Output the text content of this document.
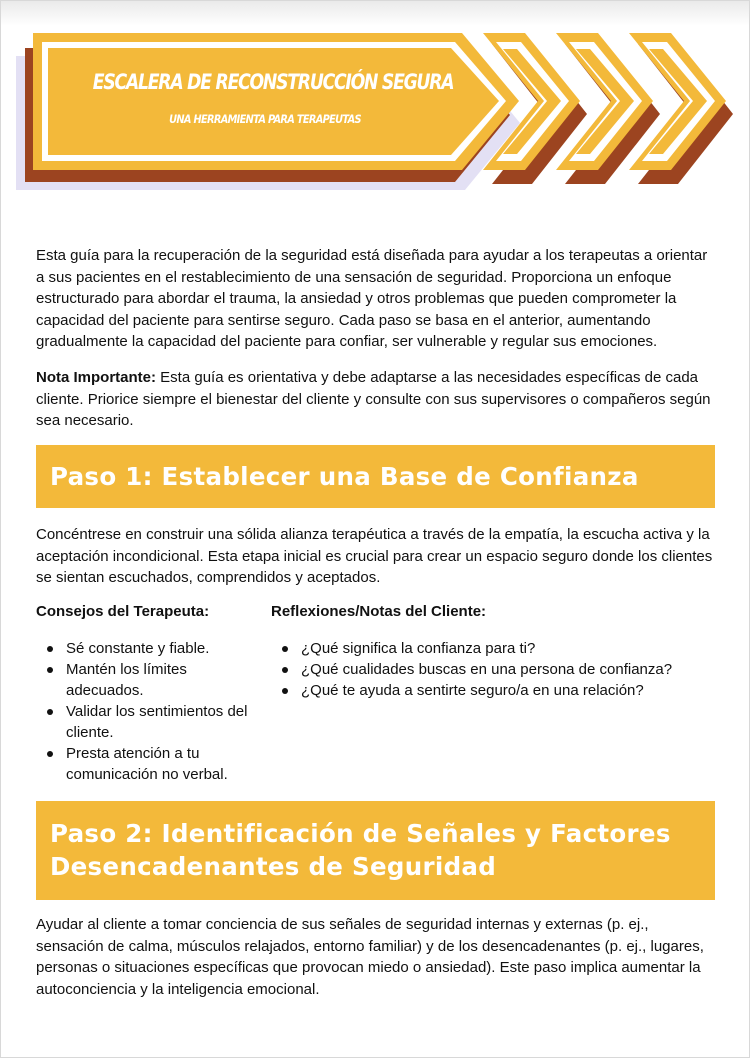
ESCALERA DE RECONSTRUCCIÓN SEGURA
UNA HERRAMIENTA PARA TERAPEUTAS

Esta guía para la recuperación de la seguridad está diseñada para ayudar a los terapeutas a orientar a sus pacientes en el restablecimiento de una sensación de seguridad. Proporciona un enfoque estructurado para abordar el trauma, la ansiedad y otros problemas que pueden comprometer la capacidad del paciente para sentirse seguro. Cada paso se basa en el anterior, aumentando gradualmente la capacidad del paciente para confiar, ser vulnerable y regular sus emociones.

Nota Importante: Esta guía es orientativa y debe adaptarse a las necesidades específicas de cada cliente. Priorice siempre el bienestar del cliente y consulte con sus supervisores o compañeros según sea necesario.

Paso 1: Establecer una Base de Confianza

Concéntrese en construir una sólida alianza terapéutica a través de la empatía, la escucha activa y la aceptación incondicional. Esta etapa inicial es crucial para crear un espacio seguro donde los clientes se sientan escuchados, comprendidos y aceptados.

Consejos del Terapeuta:	Reflexiones/Notas del Cliente:
Sé constante y fiable.
Mantén los límites adecuados.
Validar los sentimientos del cliente.
Presta atención a tu comunicación no verbal.
¿Qué significa la confianza para ti?
¿Qué cualidades buscas en una persona de confianza?
¿Qué te ayuda a sentirte seguro/a en una relación?
Paso 2: Identificación de Señales y Factores Desencadenantes de Seguridad

Ayudar al cliente a tomar conciencia de sus señales de seguridad internas y externas (p. ej., sensación de calma, músculos relajados, entorno familiar) y de los desencadenantes (p. ej., lugares, personas o situaciones específicas que provocan miedo o ansiedad). Este paso implica aumentar la autoconciencia y la inteligencia emocional.
